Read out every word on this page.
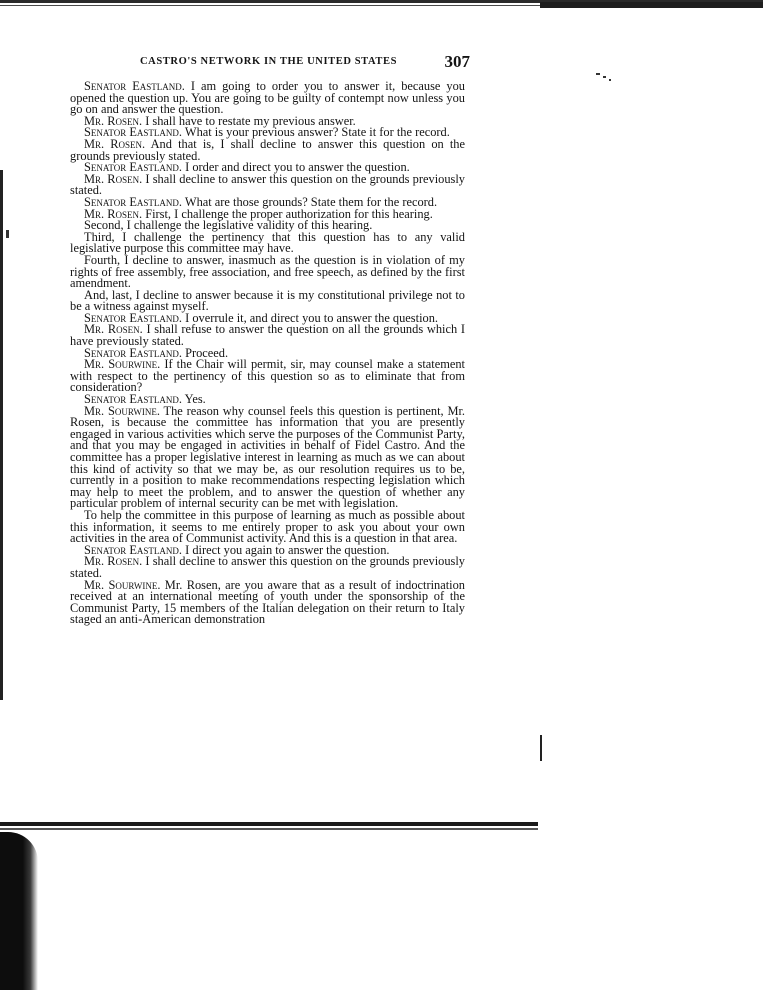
CASTRO'S NETWORK IN THE UNITED STATES	307

Senator Eastland. I am going to order you to answer it, because you opened the question up. You are going to be guilty of contempt now unless you go on and answer the question.

Mr. Rosen. I shall have to restate my previous answer.

Senator Eastland. What is your previous answer? State it for the record.

Mr. Rosen. And that is, I shall decline to answer this question on the grounds previously stated.

Senator Eastland. I order and direct you to answer the question.

Mr. Rosen. I shall decline to answer this question on the grounds previously stated.

Senator Eastland. What are those grounds? State them for the record.

Mr. Rosen. First, I challenge the proper authorization for this hearing.

Second, I challenge the legislative validity of this hearing.

Third, I challenge the pertinency that this question has to any valid legislative purpose this committee may have.

Fourth, I decline to answer, inasmuch as the question is in violation of my rights of free assembly, free association, and free speech, as defined by the first amendment.

And, last, I decline to answer because it is my constitutional privilege not to be a witness against myself.

Senator Eastland. I overrule it, and direct you to answer the question.

Mr. Rosen. I shall refuse to answer the question on all the grounds which I have previously stated.

Senator Eastland. Proceed.

Mr. Sourwine. If the Chair will permit, sir, may counsel make a statement with respect to the pertinency of this question so as to eliminate that from consideration?

Senator Eastland. Yes.

Mr. Sourwine. The reason why counsel feels this question is pertinent, Mr. Rosen, is because the committee has information that you are presently engaged in various activities which serve the purposes of the Communist Party, and that you may be engaged in activities in behalf of Fidel Castro. And the committee has a proper legislative interest in learning as much as we can about this kind of activity so that we may be, as our resolution requires us to be, currently in a position to make recommendations respecting legislation which may help to meet the problem, and to answer the question of whether any particular problem of internal security can be met with legislation.

To help the committee in this purpose of learning as much as possible about this information, it seems to me entirely proper to ask you about your own activities in the area of Communist activity. And this is a question in that area.

Senator Eastland. I direct you again to answer the question.

Mr. Rosen. I shall decline to answer this question on the grounds previously stated.

Mr. Sourwine. Mr. Rosen, are you aware that as a result of indoctrination received at an international meeting of youth under the sponsorship of the Communist Party, 15 members of the Italian delegation on their return to Italy staged an anti-American demonstration
